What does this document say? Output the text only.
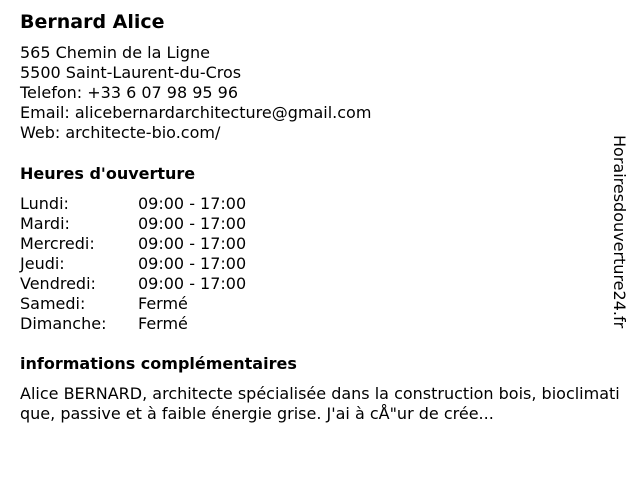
Bernard Alice
565 Chemin de la Ligne
5500 Saint-Laurent-du-Cros
Telefon: +33 6 07 98 95 96
Email: alicebernardarchitecture@gmail.com
Web: architecte-bio.com/
Heures d'ouverture
Lundi:	09:00 - 17:00
Mardi:	09:00 - 17:00
Mercredi:	09:00 - 17:00
Jeudi:	09:00 - 17:00
Vendredi:	09:00 - 17:00
Samedi:	Fermé
Dimanche:	Fermé
informations complémentaires
Alice BERNARD, architecte spécialisée dans la construction bois, bioclimatique, passive et à faible énergie grise. J'ai à cÅ"ur de crée...
Horairesdouverture24.fr
